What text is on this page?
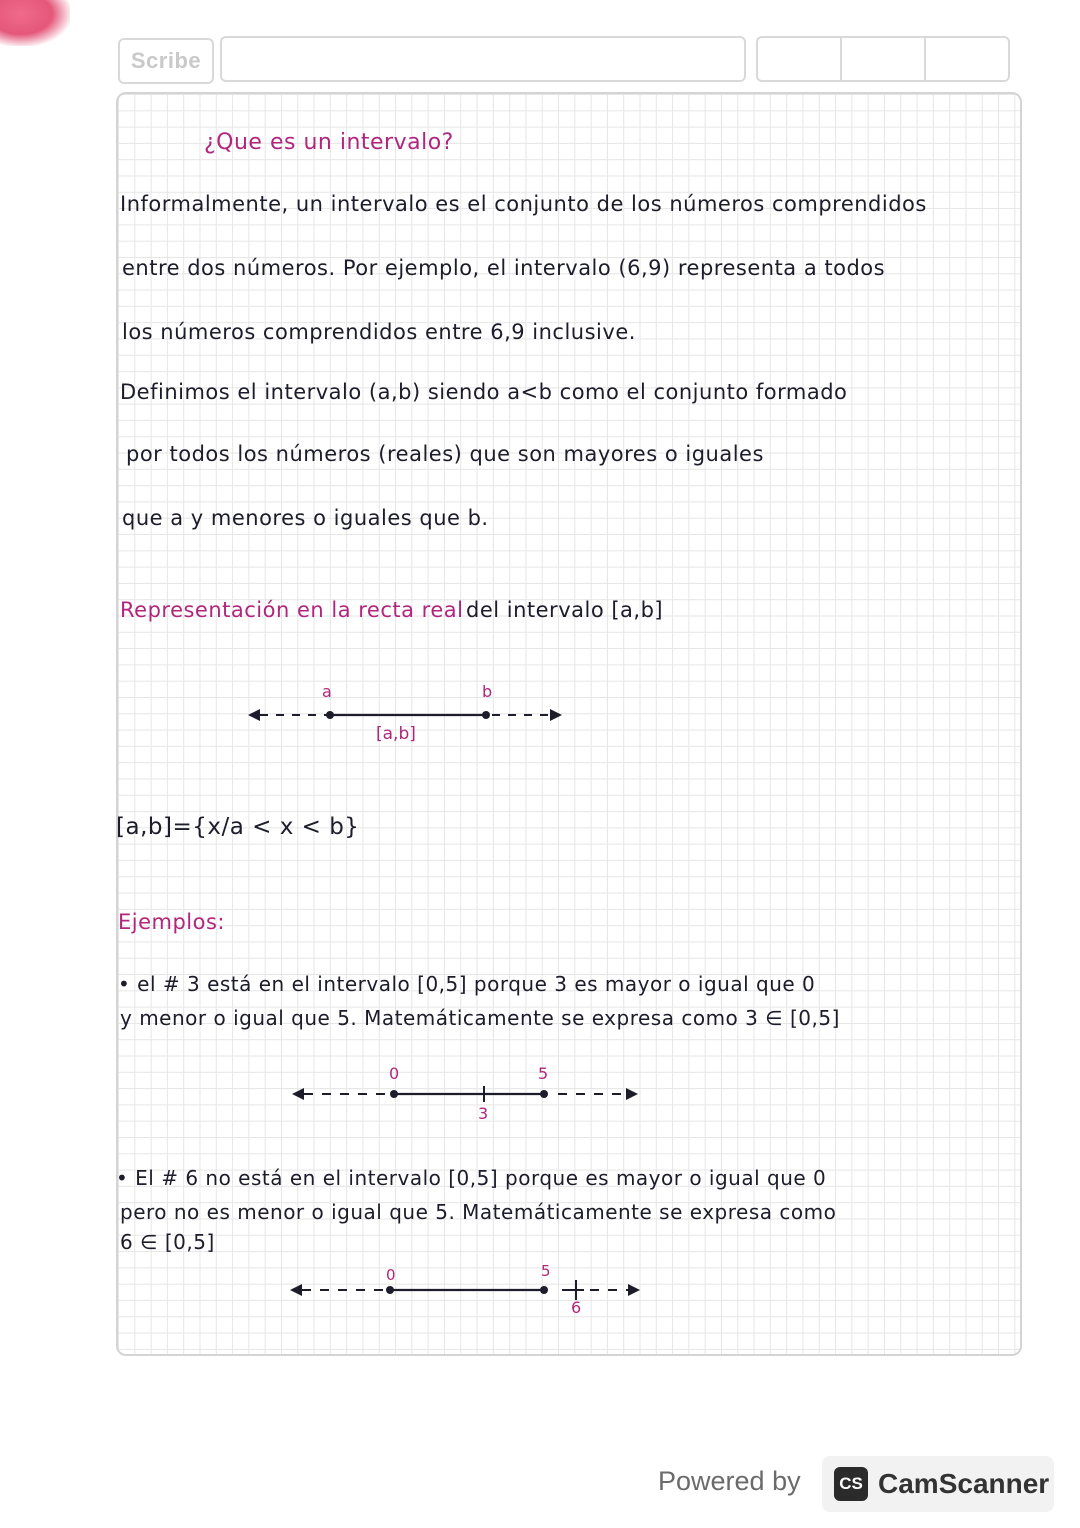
Scribe
¿Que es un intervalo?
Informalmente, un intervalo es el conjunto de los números comprendidos
entre dos números. Por ejemplo, el intervalo (6,9) representa a todos
los números comprendidos entre 6,9 inclusive.
Definimos el intervalo (a,b) siendo a<b como el conjunto formado
por todos los números (reales) que son mayores o iguales
que a y menores o iguales que b.
Representación en la recta real del intervalo [a,b]
a	b
[a,b]
[a,b]={x/a < x < b}
Ejemplos:
• el # 3 está en el intervalo [0,5] porque 3 es mayor o igual que 0
y menor o igual que 5. Matemáticamente se expresa como 3 ∈ [0,5]
0	5
3
• El # 6 no está en el intervalo [0,5] porque es mayor o igual que 0
pero no es menor o igual que 5. Matemáticamente se expresa como
6 ∈ [0,5]
0	5
6
Powered by	CS CamScanner
